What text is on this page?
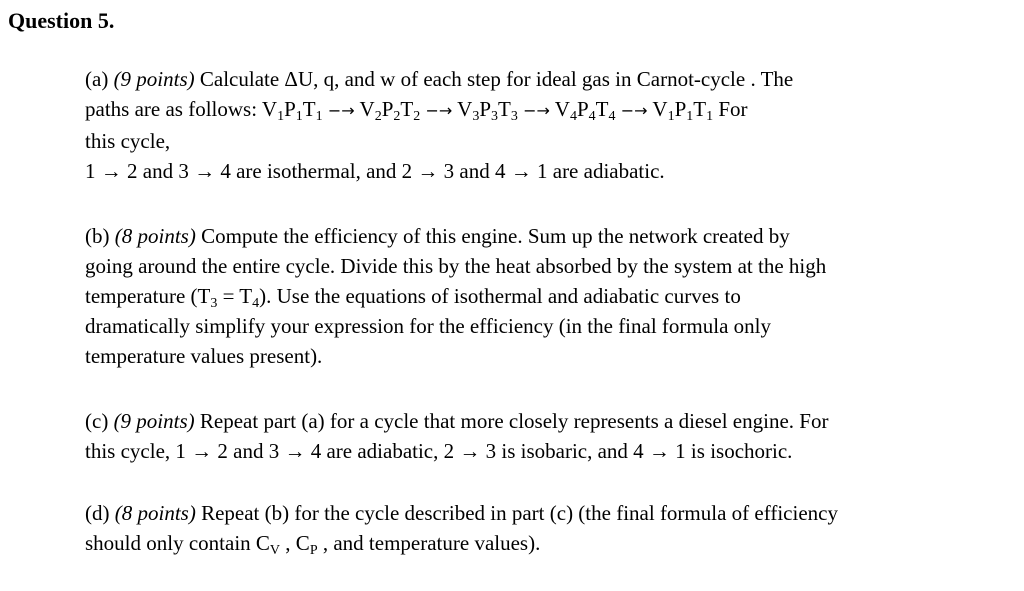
Question 5.
(a) (9 points) Calculate ΔU, q, and w of each step for ideal gas in Carnot-cycle . The
paths are as follows: $V_1P_1T_1 -\to V_2P_2T_2 -\to V_3P_3T_3 -\to V_4P_4T_4 -\to V_1P_1T_1$ For
this cycle,
1 → 2 and 3 → 4 are isothermal, and 2 → 3 and 4 → 1 are adiabatic.
(b) (8 points) Compute the efficiency of this engine. Sum up the network created by
going around the entire cycle. Divide this by the heat absorbed by the system at the high
temperature $(T_3 = T_4)$. Use the equations of isothermal and adiabatic curves to
dramatically simplify your expression for the efficiency (in the final formula only
temperature values present).
(c) (9 points) Repeat part (a) for a cycle that more closely represents a diesel engine. For
this cycle, 1 → 2 and 3 → 4 are adiabatic, 2 → 3 is isobaric, and 4 → 1 is isochoric.
(d) (8 points) Repeat (b) for the cycle described in part (c) (the final formula of efficiency
should only contain $C_V$ , $C_P$ , and temperature values).
